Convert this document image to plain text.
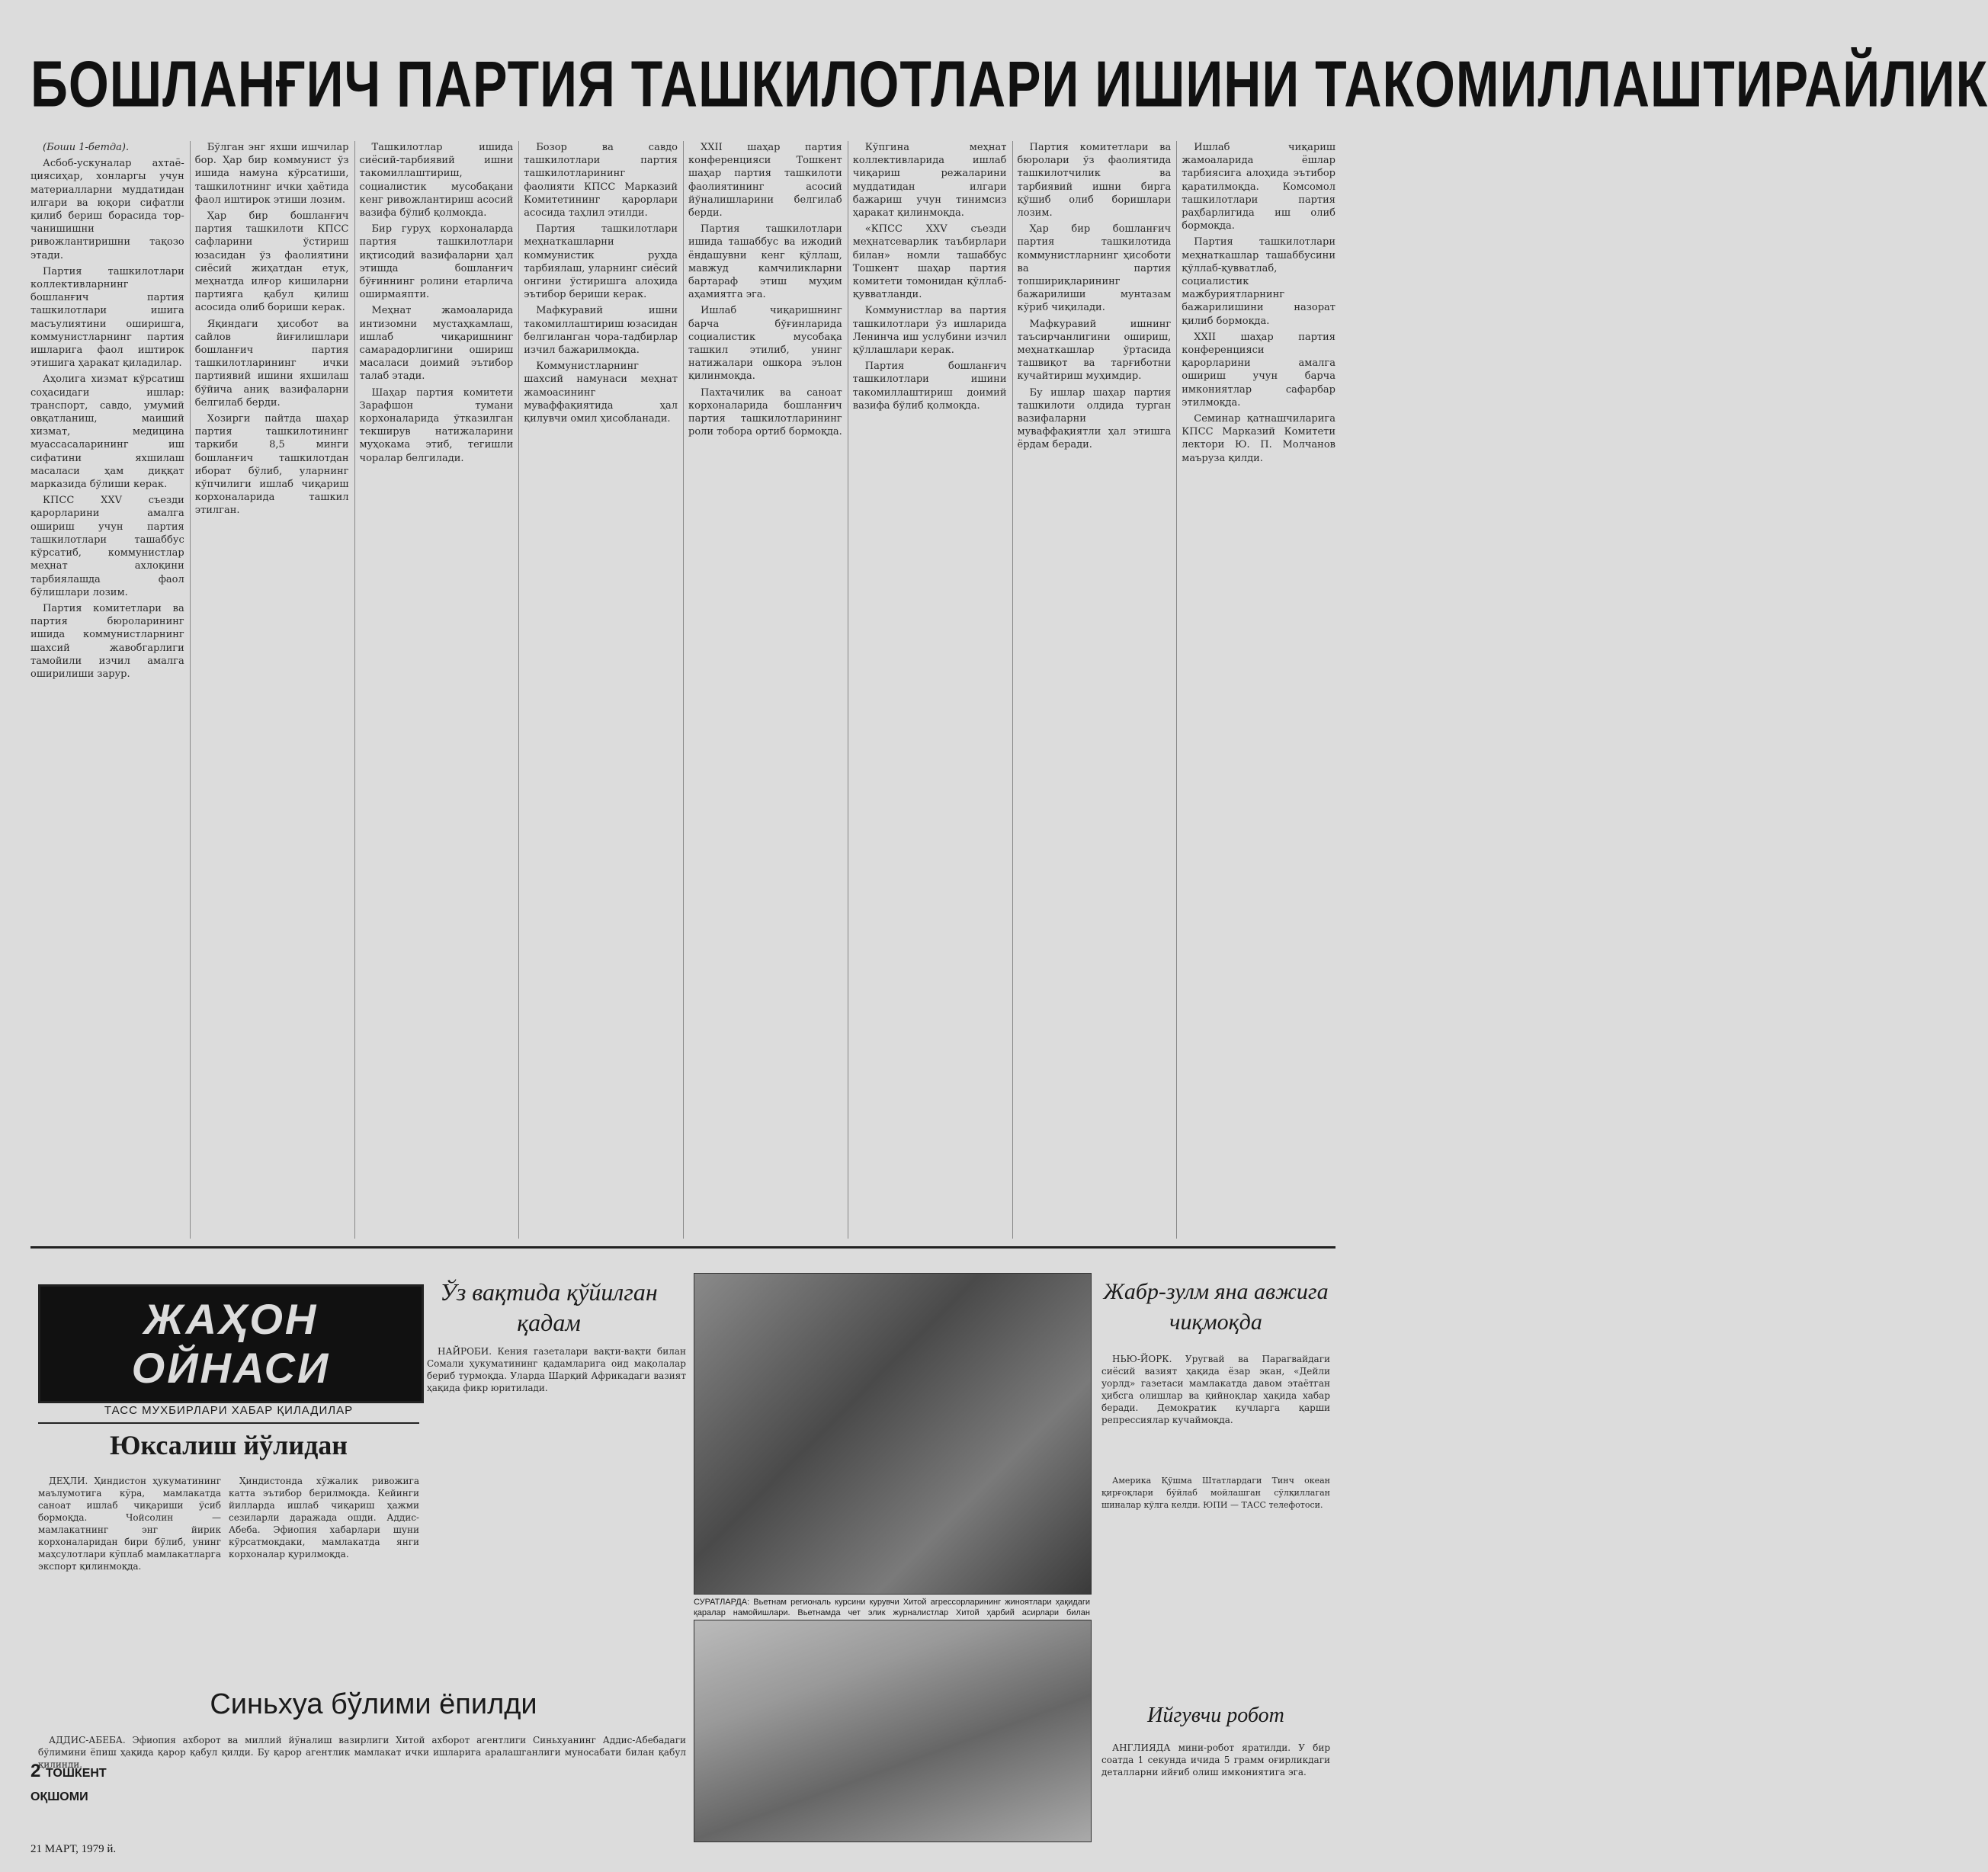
БОШЛАНҒИЧ ПАРТИЯ ТАШКИЛОТЛАРИ ИШИНИ ТАКОМИЛЛАШТИРАЙЛИК

(Боши 1-бетда).

Асбоб-ускуналар ахтаё-циясиҳар, хонларгы учун материалларни муддатидан илгари ва юқори сифатли қилиб бериш борасида тор-чанишишни ривожлантиришни тақозо этади.

Партия ташкилотлари коллективларнинг бошланғич партия ташкилотлари ишига масъулиятини оширишга, коммунистларнинг партия ишларига фаол иштирок этишига ҳаракат қиладилар.

Аҳолига хизмат кўрсатиш соҳасидаги ишлар: транспорт, савдо, умумий овқатланиш, маиший хизмат, медицина муассасаларининг иш сифатини яхшилаш масаласи ҳам диққат марказида бўлиши керак.

КПСС XXV съезди қарорларини амалга ошириш учун партия ташкилотлари ташаббус кўрсатиб, коммунистлар меҳнат ахлоқини тарбиялашда фаол бўлишлари лозим.

Партия комитетлари ва партия бюроларининг ишида коммунистларнинг шахсий жавобгарлиги тамойили изчил амалга оширилиши зарур.

Бўлган энг яхши ишчилар бор. Ҳар бир коммунист ўз ишида намуна кўрсатиши, ташкилотнинг ички ҳаётида фаол иштирок этиши лозим.

Ҳар бир бошланғич партия ташкилоти КПСС сафларини ўстириш юзасидан ўз фаолиятини сиёсий жиҳатдан етук, меҳнатда илғор кишиларни партияга қабул қилиш асосида олиб бориши керак.

Яқиндаги ҳисобот ва сайлов йиғилишлари бошланғич партия ташкилотларининг ички партиявий ишини яхшилаш бўйича аниқ вазифаларни белгилаб берди.

Хозирги пайтда шаҳар партия ташкилотининг таркиби 8,5 минги бошланғич ташкилотдан иборат бўлиб, уларнинг кўпчилиги ишлаб чиқариш корхоналарида ташкил этилган.

Ташкилотлар ишида сиёсий-тарбиявий ишни такомиллаштириш, социалистик мусобақани кенг ривожлантириш асосий вазифа бўлиб қолмоқда.

Бир гуруҳ корхоналарда партия ташкилотлари иқтисодий вазифаларни ҳал этишда бошланғич бўғиннинг ролини етарлича оширмаяпти.

Меҳнат жамоаларида интизомни мустаҳкамлаш, ишлаб чиқаришнинг самарадорлигини ошириш масаласи доимий эътибор талаб этади.

Шаҳар партия комитети Зарафшон тумани корхоналарида ўтказилган текширув натижаларини муҳокама этиб, тегишли чоралар белгилади.

Бозор ва савдо ташкилотлари партия ташкилотларининг фаолияти КПСС Марказий Комитетининг қарорлари асосида таҳлил этилди.

Партия ташкилотлари меҳнаткашларни коммунистик руҳда тарбиялаш, уларнинг сиёсий онгини ўстиришга алоҳида эътибор бериши керак.

Мафкуравий ишни такомиллаштириш юзасидан белгиланган чора-тадбирлар изчил бажарилмоқда.

Коммунистларнинг шахсий намунаси меҳнат жамоасининг муваффақиятида ҳал қилувчи омил ҳисобланади.

XXII шаҳар партия конференцияси Тошкент шаҳар партия ташкилоти фаолиятининг асосий йўналишларини белгилаб берди.

Партия ташкилотлари ишида ташаббус ва ижодий ёндашувни кенг қўллаш, мавжуд камчиликларни бартараф этиш муҳим аҳамиятга эга.

Ишлаб чиқаришнинг барча бўғинларида социалистик мусобақа ташкил этилиб, унинг натижалари ошкора эълон қилинмоқда.

Пахтачилик ва саноат корхоналарида бошланғич партия ташкилотларининг роли тобора ортиб бормоқда.

Кўпгина меҳнат коллективларида ишлаб чиқариш режаларини муддатидан илгари бажариш учун тинимсиз ҳаракат қилинмоқда.

«КПСС XXV съезди меҳнатсеварлик таъбирлари билан» номли ташаббус Тошкент шаҳар партия комитети томонидан қўллаб-қувватланди.

Коммунистлар ва партия ташкилотлари ўз ишларида Ленинча иш услубини изчил қўллашлари керак.

Партия бошланғич ташкилотлари ишини такомиллаштириш доимий вазифа бўлиб қолмоқда.

Партия комитетлари ва бюролари ўз фаолиятида ташкилотчилик ва тарбиявий ишни бирга қўшиб олиб боришлари лозим.

Ҳар бир бошланғич партия ташкилотида коммунистларнинг ҳисоботи ва партия топшириқларининг бажарилиши мунтазам кўриб чиқилади.

Мафкуравий ишнинг таъсирчанлигини ошириш, меҳнаткашлар ўртасида ташвиқот ва тарғиботни кучайтириш муҳимдир.

Бу ишлар шаҳар партия ташкилоти олдида турган вазифаларни муваффақиятли ҳал этишга ёрдам беради.

Ишлаб чиқариш жамоаларида ёшлар тарбиясига алоҳида эътибор қаратилмоқда. Комсомол ташкилотлари партия раҳбарлигида иш олиб бормоқда.

Партия ташкилотлари меҳнаткашлар ташаббусини қўллаб-қувватлаб, социалистик мажбуриятларнинг бажарилишини назорат қилиб бормоқда.

XXII шаҳар партия конференцияси қарорларини амалга ошириш учун барча имкониятлар сафарбар этилмоқда.

Семинар қатнашчиларига КПСС Марказий Комитети лектори Ю. П. Молчанов маъруза қилди.

ЖАҲОН ОЙНАСИ
ТАСС МУХБИРЛАРИ ХАБАР ҚИЛАДИЛАР
Юксалиш йўлидан

ДЕҲЛИ. Ҳиндистон ҳукуматининг маълумотига кўра, мамлакатда саноат ишлаб чиқариши ўсиб бормоқда. Чойсолин — мамлакатнинг энг йирик корхоналаридан бири бўлиб, унинг маҳсулотлари кўплаб мамлакатларга экспорт қилинмоқда.

Ҳиндистонда хўжалик ривожига катта эътибор берилмоқда. Кейинги йилларда ишлаб чиқариш ҳажми сезиларли даражада ошди. Аддис-Абеба. Эфиопия хабарлари шуни кўрсатмоқдаки, мамлакатда янги корхоналар қурилмоқда.

Ўз вақтида қўйилган қадам

НАЙРОБИ. Кения газеталари вақти-вақти билан Сомали ҳукуматининг қадамларига оид мақолалар бериб турмоқда. Уларда Шарқий Африкадаги вазият ҳақида фикр юритилади.

Синьхуа бўлими ёпилди

АДДИС-АБЕБА. Эфиопия ахборот ва миллий йўналиш вазирлиги Хитой ахборот агентлиги Синьхуанинг Аддис-Абебадаги бўлимини ёпиш ҳақида қарор қабул қилди. Бу қарор агентлик мамлакат ички ишларига аралашганлиги муносабати билан қабул қилинди.

СУРАТЛАРДА: Вьетнам региональ курсини курувчи Хитой агрессорларининг жиноятлари ҳақидаги қаралар намойишлари. Вьетнамда чет элик журналистлар Хитой ҳарбий асирлари билан
Жабр-зулм яна авжига чиқмоқда

НЬЮ-ЙОРК. Уругвай ва Парагвайдаги сиёсий вазият ҳақида ёзар экан, «Дейли уорлд» газетаси мамлакатда давом этаётган ҳибсга олишлар ва қийноқлар ҳақида хабар беради. Демократик кучларга қарши репрессиялар кучаймоқда.

Америка Қўшма Штатлардаги Тинч океан қирғоқлари бўйлаб мойлашган сўлқиллаган шиналар кўлга келди. ЮПИ — ТАСС телефотоси.

Ийгувчи робот

АНГЛИЯДА мини-робот яратилди. У бир соатда 1 секунда ичида 5 грамм оғирликдаги деталларни ийғиб олиш имкониятига эга.

2 ТОШКЕНТ ОҚШОМИ
21 МАРТ, 1979 й.
